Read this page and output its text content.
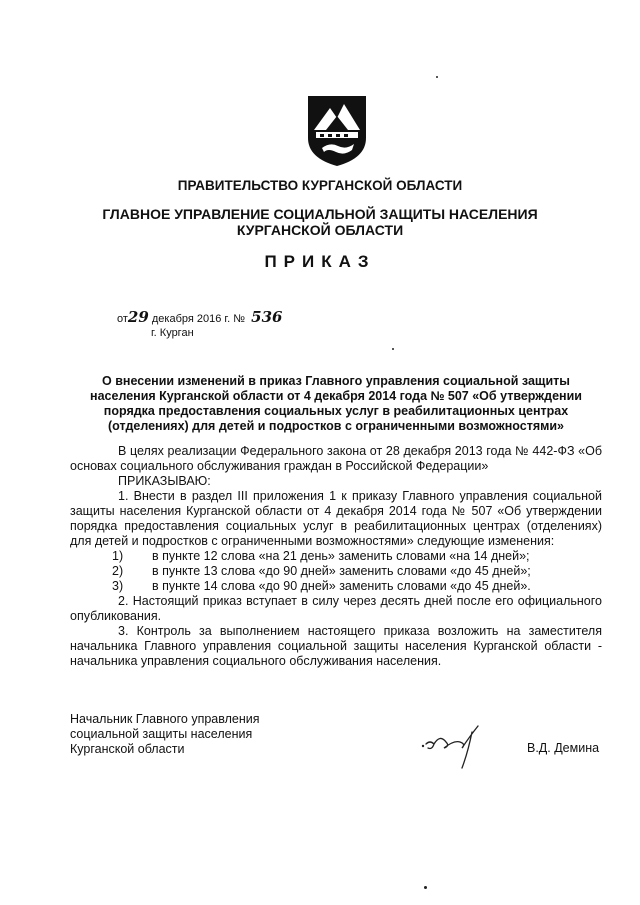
ПРАВИТЕЛЬСТВО КУРГАНСКОЙ ОБЛАСТИ
ГЛАВНОЕ УПРАВЛЕНИЕ СОЦИАЛЬНОЙ ЗАЩИТЫ НАСЕЛЕНИЯ
КУРГАНСКОЙ ОБЛАСТИ
ПРИКАЗ
от29 декабря 2016 г. № 536
г. Курган
О внесении изменений в приказ Главного управления социальной защиты населения Курганской области от 4 декабря 2014 года № 507 «Об утверждении порядка предоставления социальных услуг в реабилитационных центрах (отделениях) для детей и подростков с ограниченными возможностями»

В целях реализации Федерального закона от 28 декабря 2013 года № 442-ФЗ «Об основах социального обслуживания граждан в Российской Федерации»

ПРИКАЗЫВАЮ:

1. Внести в раздел III приложения 1 к приказу Главного управления социальной защиты населения Курганской области от 4 декабря 2014 года № 507 «Об утверждении порядка предоставления социальных услуг в реабилитационных центрах (отделениях) для детей и подростков с ограниченными возможностями» следующие изменения:

1)	в пункте 12 слова «на 21 день» заменить словами «на 14 дней»;
2)	в пункте 13 слова «до 90 дней» заменить словами «до 45 дней»;
3)	в пункте 14 слова «до 90 дней» заменить словами «до 45 дней».

2. Настоящий приказ вступает в силу через десять дней после его официального опубликования.

3. Контроль за выполнением настоящего приказа возложить на заместителя начальника Главного управления социальной защиты населения Курганской области - начальника управления социального обслуживания населения.

Начальник Главного управления
социальной защиты населения
Курганской области	В.Д. Демина
